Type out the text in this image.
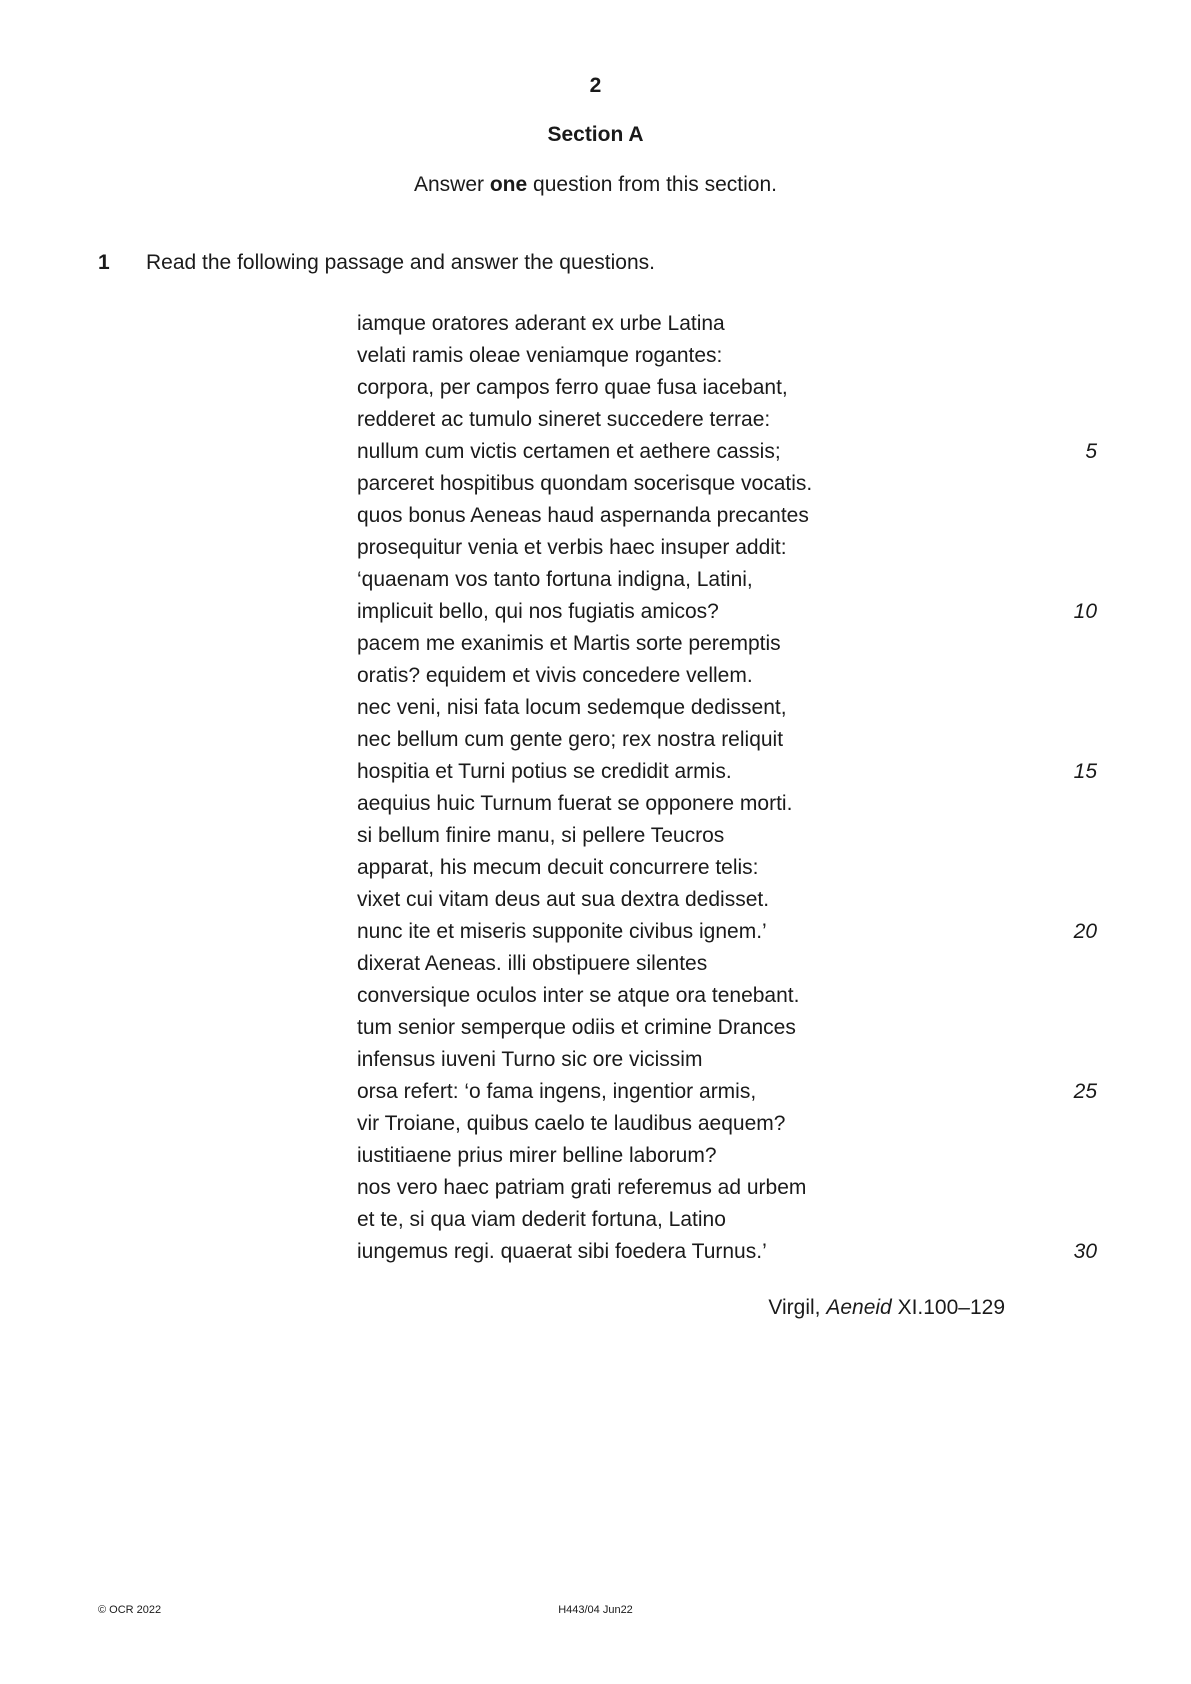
2
Section A
Answer one question from this section.
1 Read the following passage and answer the questions.
iamque oratores aderant ex urbe Latina
velati ramis oleae veniamque rogantes:
corpora, per campos ferro quae fusa iacebant,
redderet ac tumulo sineret succedere terrae:
nullum cum victis certamen et aethere cassis;	5
parceret hospitibus quondam socerisque vocatis.
quos bonus Aeneas haud aspernanda precantes
prosequitur venia et verbis haec insuper addit:
‘quaenam vos tanto fortuna indigna, Latini,
implicuit bello, qui nos fugiatis amicos?	10
pacem me exanimis et Martis sorte peremptis
oratis? equidem et vivis concedere vellem.
nec veni, nisi fata locum sedemque dedissent,
nec bellum cum gente gero; rex nostra reliquit
hospitia et Turni potius se credidit armis.	15
aequius huic Turnum fuerat se opponere morti.
si bellum finire manu, si pellere Teucros
apparat, his mecum decuit concurrere telis:
vixet cui vitam deus aut sua dextra dedisset.
nunc ite et miseris supponite civibus ignem.’	20
dixerat Aeneas. illi obstipuere silentes
conversique oculos inter se atque ora tenebant.
tum senior semperque odiis et crimine Drances
infensus iuveni Turno sic ore vicissim
orsa refert: ‘o fama ingens, ingentior armis,	25
vir Troiane, quibus caelo te laudibus aequem?
iustitiaene prius mirer belline laborum?
nos vero haec patriam grati referemus ad urbem
et te, si qua viam dederit fortuna, Latino
iungemus regi. quaerat sibi foedera Turnus.’	30
Virgil, Aeneid XI.100–129
© OCR 2022	H443/04 Jun22
